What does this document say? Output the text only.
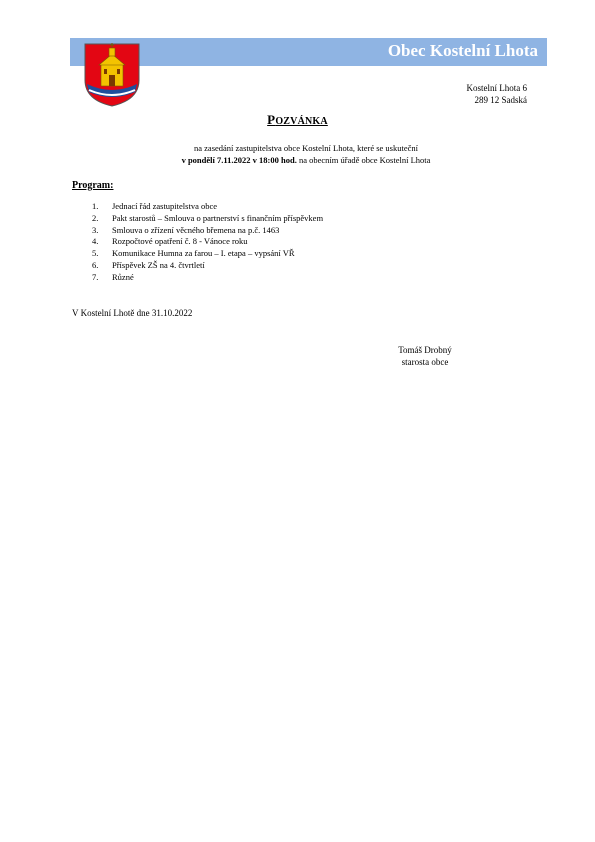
Obec Kostelní Lhota
Kostelní Lhota 6
289 12 Sadská
POZVÁNKA
na zasedání zastupitelstva obce Kostelní Lhota, které se uskuteční
v pondělí 7.11.2022 v 18:00 hod. na obecním úřadě obce Kostelní Lhota
Program:
1. Jednací řád zastupitelstva obce
2. Pakt starostů – Smlouva o partnerství s finančním příspěvkem
3. Smlouva o zřízení věcného břemena na p.č. 1463
4. Rozpočtové opatření č. 8 - Vánoce roku
5. Komunikace Humna za farou – I. etapa – vypsání VŘ
6. Příspěvek ZŠ na 4. čtvrtletí
7. Různé
V Kostelní Lhotě dne 31.10.2022
Tomáš Drobný
starosta obce
